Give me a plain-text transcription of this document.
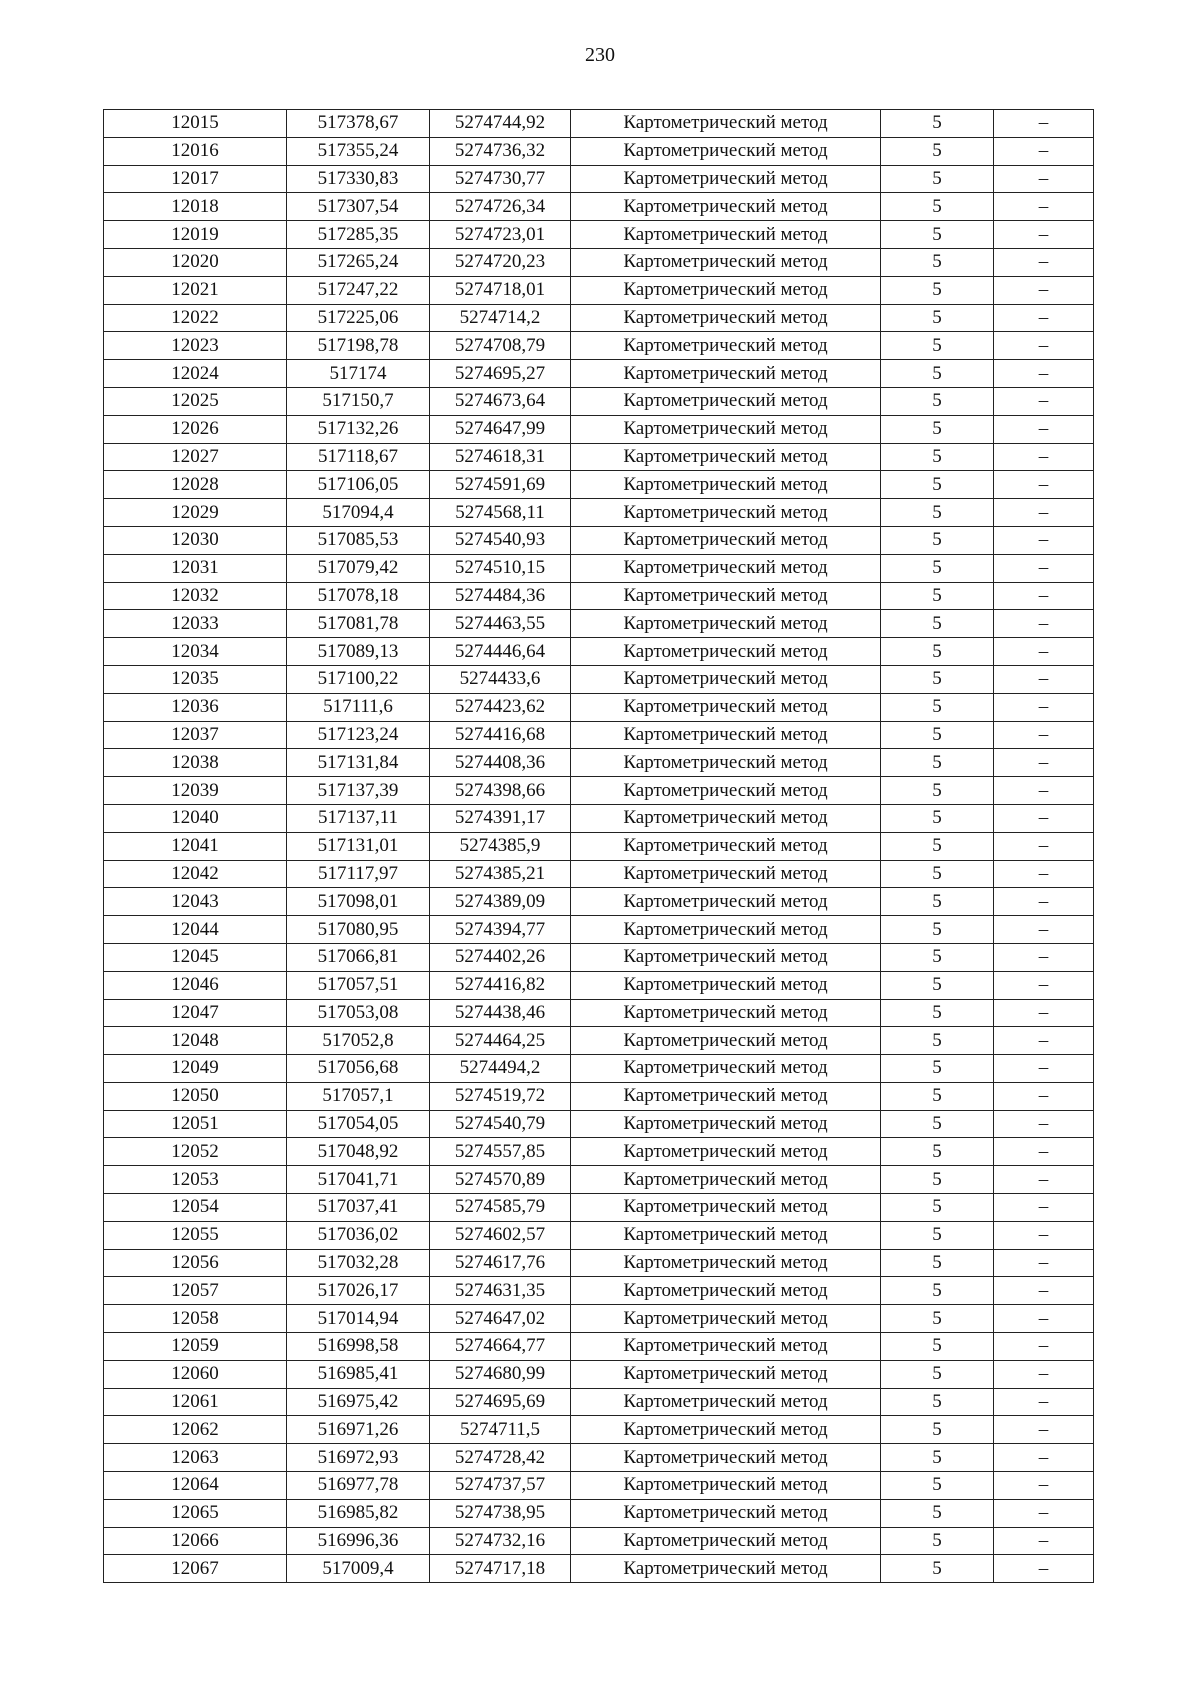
230
12015	517378,67	5274744,92	Картометрический метод	5	–
12016	517355,24	5274736,32	Картометрический метод	5	–
12017	517330,83	5274730,77	Картометрический метод	5	–
12018	517307,54	5274726,34	Картометрический метод	5	–
12019	517285,35	5274723,01	Картометрический метод	5	–
12020	517265,24	5274720,23	Картометрический метод	5	–
12021	517247,22	5274718,01	Картометрический метод	5	–
12022	517225,06	5274714,2	Картометрический метод	5	–
12023	517198,78	5274708,79	Картометрический метод	5	–
12024	517174	5274695,27	Картометрический метод	5	–
12025	517150,7	5274673,64	Картометрический метод	5	–
12026	517132,26	5274647,99	Картометрический метод	5	–
12027	517118,67	5274618,31	Картометрический метод	5	–
12028	517106,05	5274591,69	Картометрический метод	5	–
12029	517094,4	5274568,11	Картометрический метод	5	–
12030	517085,53	5274540,93	Картометрический метод	5	–
12031	517079,42	5274510,15	Картометрический метод	5	–
12032	517078,18	5274484,36	Картометрический метод	5	–
12033	517081,78	5274463,55	Картометрический метод	5	–
12034	517089,13	5274446,64	Картометрический метод	5	–
12035	517100,22	5274433,6	Картометрический метод	5	–
12036	517111,6	5274423,62	Картометрический метод	5	–
12037	517123,24	5274416,68	Картометрический метод	5	–
12038	517131,84	5274408,36	Картометрический метод	5	–
12039	517137,39	5274398,66	Картометрический метод	5	–
12040	517137,11	5274391,17	Картометрический метод	5	–
12041	517131,01	5274385,9	Картометрический метод	5	–
12042	517117,97	5274385,21	Картометрический метод	5	–
12043	517098,01	5274389,09	Картометрический метод	5	–
12044	517080,95	5274394,77	Картометрический метод	5	–
12045	517066,81	5274402,26	Картометрический метод	5	–
12046	517057,51	5274416,82	Картометрический метод	5	–
12047	517053,08	5274438,46	Картометрический метод	5	–
12048	517052,8	5274464,25	Картометрический метод	5	–
12049	517056,68	5274494,2	Картометрический метод	5	–
12050	517057,1	5274519,72	Картометрический метод	5	–
12051	517054,05	5274540,79	Картометрический метод	5	–
12052	517048,92	5274557,85	Картометрический метод	5	–
12053	517041,71	5274570,89	Картометрический метод	5	–
12054	517037,41	5274585,79	Картометрический метод	5	–
12055	517036,02	5274602,57	Картометрический метод	5	–
12056	517032,28	5274617,76	Картометрический метод	5	–
12057	517026,17	5274631,35	Картометрический метод	5	–
12058	517014,94	5274647,02	Картометрический метод	5	–
12059	516998,58	5274664,77	Картометрический метод	5	–
12060	516985,41	5274680,99	Картометрический метод	5	–
12061	516975,42	5274695,69	Картометрический метод	5	–
12062	516971,26	5274711,5	Картометрический метод	5	–
12063	516972,93	5274728,42	Картометрический метод	5	–
12064	516977,78	5274737,57	Картометрический метод	5	–
12065	516985,82	5274738,95	Картометрический метод	5	–
12066	516996,36	5274732,16	Картометрический метод	5	–
12067	517009,4	5274717,18	Картометрический метод	5	–
